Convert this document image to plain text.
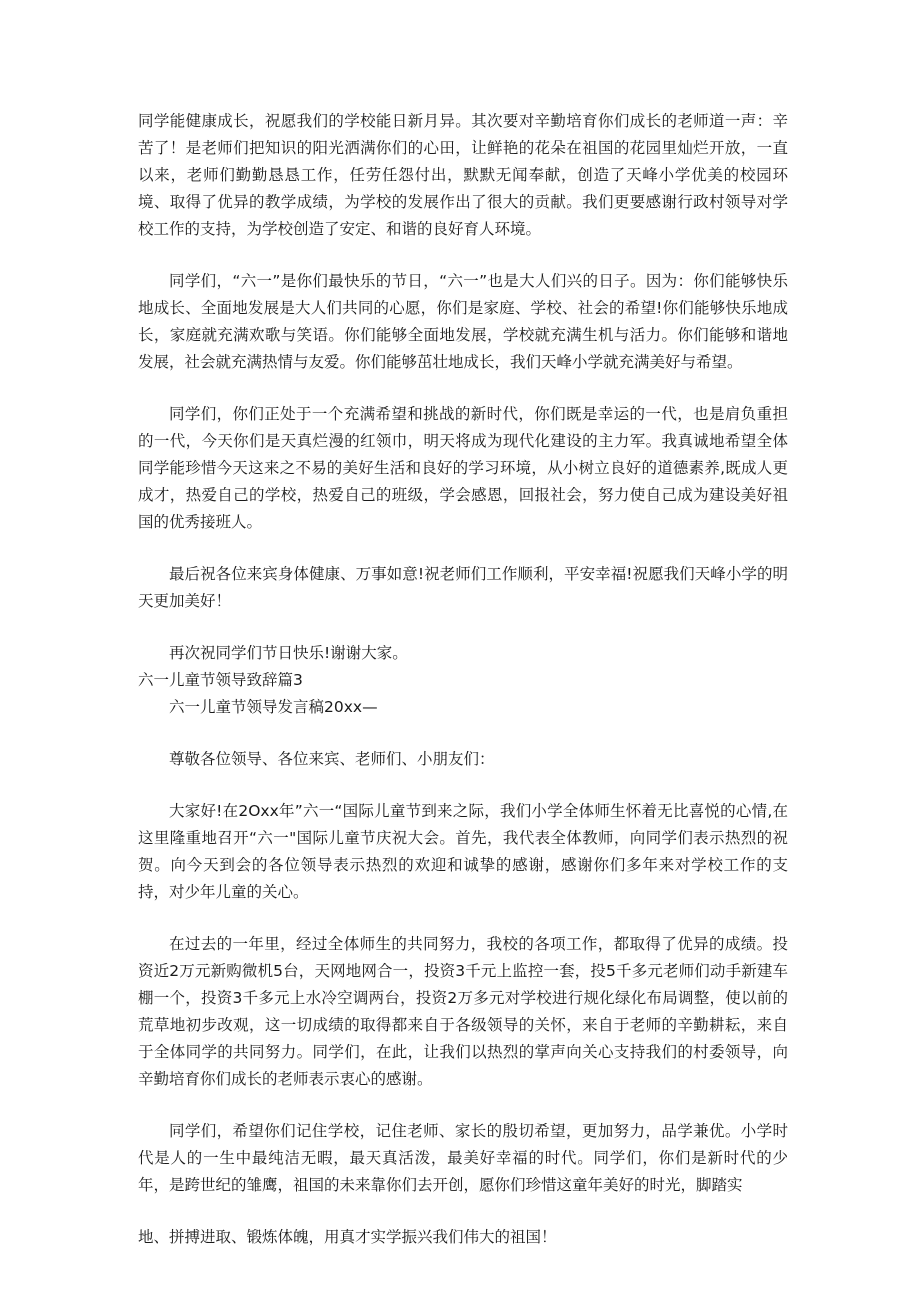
同学能健康成长，祝愿我们的学校能日新月异。其次要对辛勤培育你们成长的老师道一声：辛苦了！是老师们把知识的阳光洒满你们的心田，让鲜艳的花朵在祖国的花园里灿烂开放，一直以来，老师们勤勤恳恳工作，任劳任怨付出，默默无闻奉献，创造了天峰小学优美的校园环境、取得了优异的教学成绩，为学校的发展作出了很大的贡献。我们更要感谢行政村领导对学校工作的支持，为学校创造了安定、和谐的良好育人环境。

同学们，“六一”是你们最快乐的节日，“六一”也是大人们兴的日子。因为：你们能够快乐地成长、全面地发展是大人们共同的心愿，你们是家庭、学校、社会的希望!你们能够快乐地成长，家庭就充满欢歌与笑语。你们能够全面地发展，学校就充满生机与活力。你们能够和谐地发展，社会就充满热情与友爱。你们能够茁壮地成长，我们天峰小学就充满美好与希望。

同学们，你们正处于一个充满希望和挑战的新时代，你们既是幸运的一代，也是肩负重担的一代，今天你们是天真烂漫的红领巾，明天将成为现代化建设的主力军。我真诚地希望全体同学能珍惜今天这来之不易的美好生活和良好的学习环境，从小树立良好的道德素养,既成人更成才，热爱自己的学校，热爱自己的班级，学会感恩，回报社会，努力使自己成为建设美好祖国的优秀接班人。

最后祝各位来宾身体健康、万事如意!祝老师们工作顺利，平安幸福!祝愿我们天峰小学的明天更加美好！

再次祝同学们节日快乐!谢谢大家。

六一儿童节领导致辞篇3

六一儿童节领导发言稿20xx—

尊敬各位领导、各位来宾、老师们、小朋友们：

大家好!在2Oxx年”六一“国际儿童节到来之际，我们小学全体师生怀着无比喜悦的心情,在这里隆重地召开“六一"国际儿童节庆祝大会。首先，我代表全体教师，向同学们表示热烈的祝贺。向今天到会的各位领导表示热烈的欢迎和诚挚的感谢，感谢你们多年来对学校工作的支持，对少年儿童的关心。

在过去的一年里，经过全体师生的共同努力，我校的各项工作，都取得了优异的成绩。投资近2万元新购微机5台，天网地网合一，投资3千元上监控一套，投5千多元老师们动手新建车棚一个，投资3千多元上水冷空调两台，投资2万多元对学校进行规化绿化布局调整，使以前的荒草地初步改观，这一切成绩的取得都来自于各级领导的关怀，来自于老师的辛勤耕耘，来自于全体同学的共同努力。同学们，在此，让我们以热烈的掌声向关心支持我们的村委领导，向辛勤培育你们成长的老师表示衷心的感谢。

同学们，希望你们记住学校，记住老师、家长的殷切希望，更加努力，品学兼优。小学时代是人的一生中最纯洁无暇，最天真活泼，最美好幸福的时代。同学们，你们是新时代的少年，是跨世纪的雏鹰，祖国的未来靠你们去开创，愿你们珍惜这童年美好的时光，脚踏实

地、拼搏进取、锻炼体魄，用真才实学振兴我们伟大的祖国！
